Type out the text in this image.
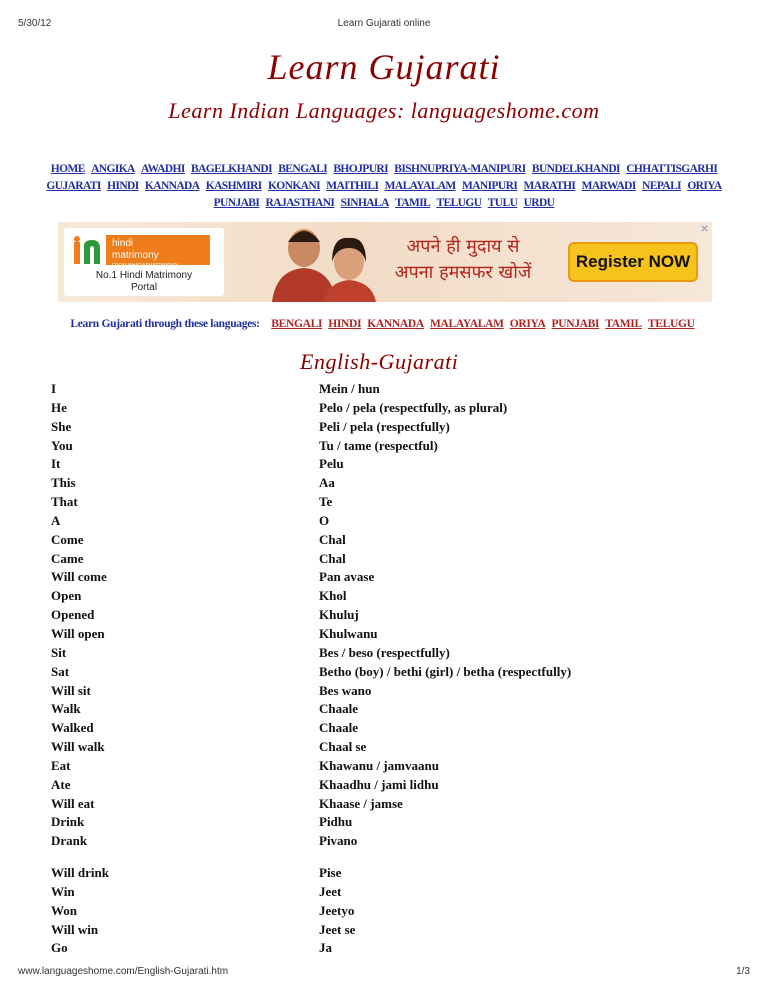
5/30/12	Learn Gujarati online
Learn Gujarati
Learn Indian Languages: languageshome.com
HOME ANGIKA AWADHI BAGELKHANDI BENGALI BHOJPURI BISHNUPRIYA-MANIPURI BUNDELKHANDI CHHATTISGARHI GUJARATI HINDI KANNADA KASHMIRI KONKANI MAITHILI MALAYALAM MANIPURI MARATHI MARWADI NEPALI ORIYA PUNJABI RAJASTHANI SINHALA TAMIL TELUGU TULU URDU
hindi
matrimony
FROM BHARATMATRIMONY
No.1 Hindi Matrimony
Portal
अपने ही मुदाय से
अपना हमसफर खोजें
Register NOW
Learn Gujarati through these languages: BENGALI HINDI KANNADA MALAYALAM ORIYA PUNJABI TAMIL TELUGU
English-Gujarati
I	Mein / hun
He	Pelo / pela (respectfully, as plural)
She	Peli / pela (respectfully)
You	Tu / tame (respectful)
It	Pelu
This	Aa
That	Te
A	O
Come	Chal
Came	Chal
Will come	Pan avase
Open	Khol
Opened	Khuluj
Will open	Khulwanu
Sit	Bes / beso (respectfully)
Sat	Betho (boy) / bethi (girl) / betha (respectfully)
Will sit	Bes wano
Walk	Chaale
Walked	Chaale
Will walk	Chaal se
Eat	Khawanu / jamvaanu
Ate	Khaadhu / jami lidhu
Will eat	Khaase / jamse
Drink	Pidhu
Drank	Pivano
Will drink	Pise
Win	Jeet
Won	Jeetyo
Will win	Jeet se
Go	Ja
www.languageshome.com/English-Gujarati.htm	1/3
